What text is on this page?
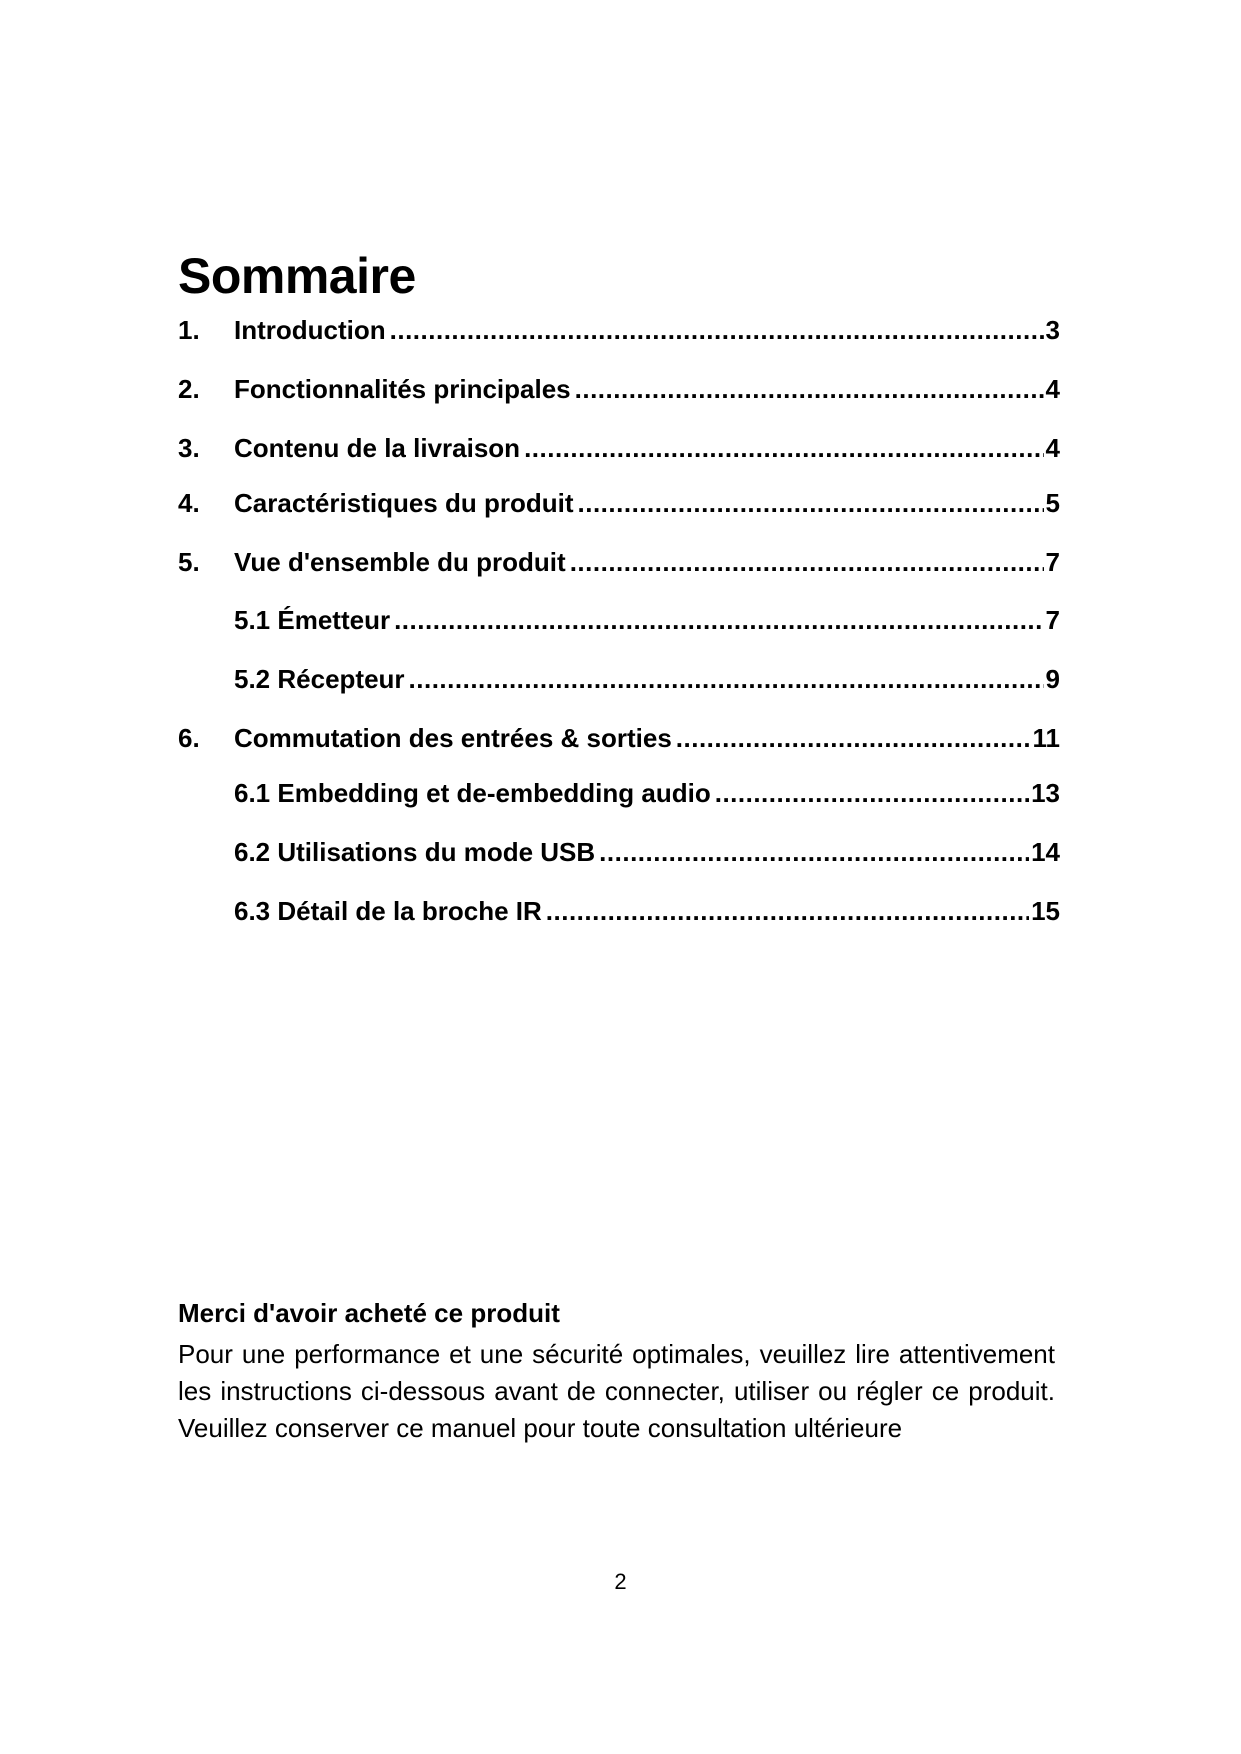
Sommaire
1.	Introduction .....	3
2.	Fonctionnalités principales .....	4
3.	Contenu de la livraison .....	4
4.	Caractéristiques du produit .....	5
5.	Vue d'ensemble du produit .....	7
5.1 Émetteur .....	7
5.2 Récepteur .....	9
6.	Commutation des entrées & sorties .....	11
6.1 Embedding et de-embedding audio .....	13
6.2 Utilisations du mode USB .....	14
6.3 Détail de la broche IR .....	15

Merci d'avoir acheté ce produit

Pour une performance et une sécurité optimales, veuillez lire attentivement les instructions ci-dessous avant de connecter, utiliser ou régler ce produit. Veuillez conserver ce manuel pour toute consultation ultérieure

2
